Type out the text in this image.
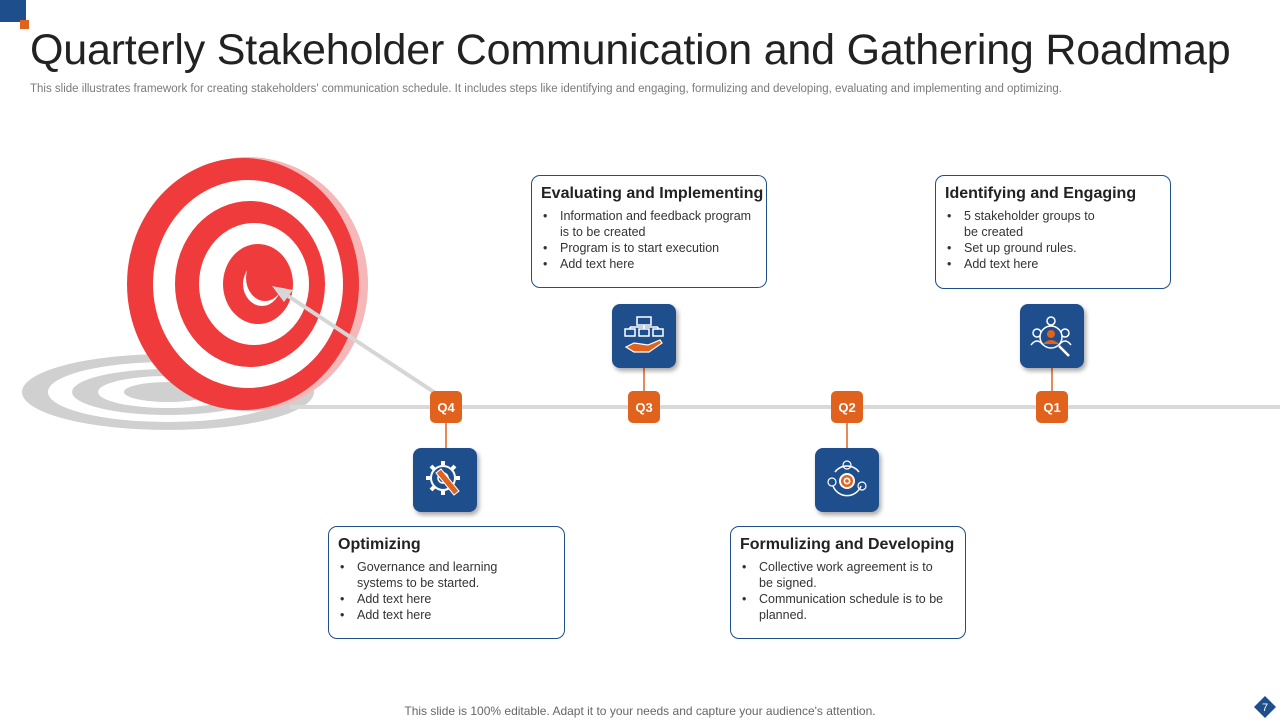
Quarterly Stakeholder Communication and Gathering Roadmap
This slide illustrates framework for creating stakeholders' communication schedule. It includes steps like identifying and engaging, formulizing and developing, evaluating and implementing and optimizing.
Q4	Q3	Q2	Q1
Evaluating and Implementing
• Information and feedback program is to be created
• Program is to start execution
• Add text here
Identifying and Engaging
• 5 stakeholder groups to be created
• Set up ground rules.
• Add text here
Optimizing
• Governance and learning systems to be started.
• Add text here
• Add text here
Formulizing and Developing
• Collective work agreement is to be signed.
• Communication schedule is to be planned.
This slide is 100% editable. Adapt it to your needs and capture your audience's attention.	7
